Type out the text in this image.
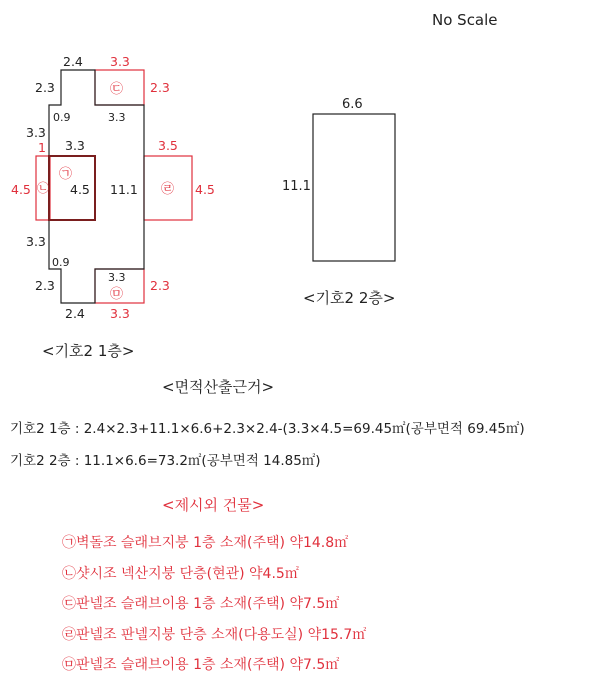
No Scale
2.4
2.3
3.3
0.9	3.3
3.3
4.5 11.1
3.3
0.9
3.3
2.3
2.4
3.3
2.3
㉢
1
4.5 ㉡
㉠
3.5
4.5
㉣
㉤
2.3
3.3
6.6
11.1
<기호2 1층>
<기호2 2층>
<면적산출근거>
기호2 1층 : 2.4×2.3+11.1×6.6+2.3×2.4-(3.3×4.5=69.45㎡(공부면적 69.45㎡)
기호2 2층 : 11.1×6.6=73.2㎡(공부면적 14.85㎡)
<제시외 건물>
㉠벽돌조 슬래브지붕 1층 소재(주택) 약14.8㎡
㉡샷시조 넥산지붕 단층(현관) 약4.5㎡
㉢판넬조 슬래브이용 1층 소재(주택) 약7.5㎡
㉣판넬조 판넬지붕 단층 소재(다용도실) 약15.7㎡
㉤판넬조 슬래브이용 1층 소재(주택) 약7.5㎡
